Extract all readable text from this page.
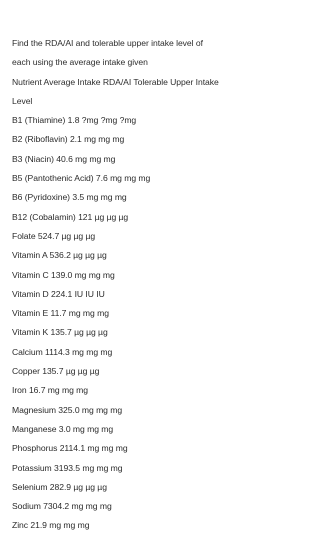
Find the RDA/AI and tolerable upper intake level of
each using the average intake given
Nutrient Average Intake RDA/AI Tolerable Upper Intake
Level
B1 (Thiamine) 1.8 ?mg ?mg ?mg
B2 (Riboflavin) 2.1 mg mg mg
B3 (Niacin) 40.6 mg mg mg
B5 (Pantothenic Acid) 7.6 mg mg mg
B6 (Pyridoxine) 3.5 mg mg mg
B12 (Cobalamin) 121 µg µg µg
Folate 524.7 µg µg µg
Vitamin A 536.2 µg µg µg
Vitamin C 139.0 mg mg mg
Vitamin D 224.1 IU IU IU
Vitamin E 11.7 mg mg mg
Vitamin K 135.7 µg µg µg
Calcium 1114.3 mg mg mg
Copper 135.7 µg µg µg
Iron 16.7 mg mg mg
Magnesium 325.0 mg mg mg
Manganese 3.0 mg mg mg
Phosphorus 2114.1 mg mg mg
Potassium 3193.5 mg mg mg
Selenium 282.9 µg µg µg
Sodium 7304.2 mg mg mg
Zinc 21.9 mg mg mg
